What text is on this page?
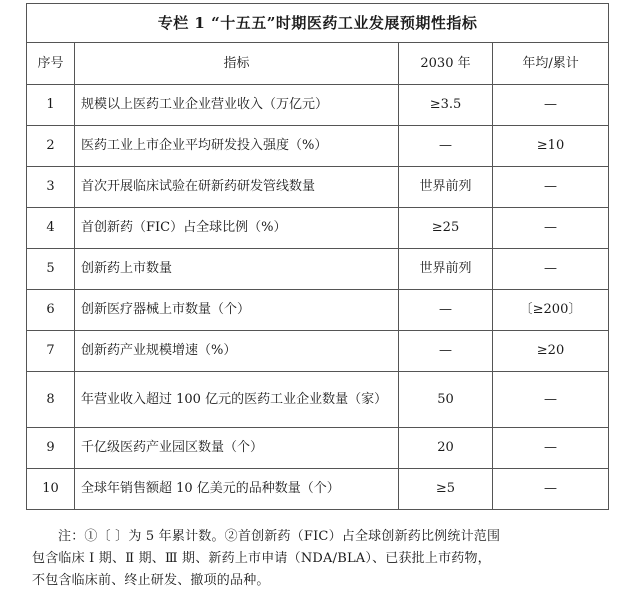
专栏 1 “十五五”时期医药工业发展预期性指标			
序号	指标	2030 年	年均/累计
1	规模以上医药工业企业营业收入（万亿元）	≥3.5	—
2	医药工业上市企业平均研发投入强度（%）	—	≥10
3	首次开展临床试验在研新药研发管线数量	世界前列	—
4	首创新药（FIC）占全球比例（%）	≥25	—
5	创新药上市数量	世界前列	—
6	创新医疗器械上市数量（个）	—	〔≥200〕
7	创新药产业规模增速（%）	—	≥20
8	年营业收入超过 100 亿元的医药工业企业数量（家）	50	—
9	千亿级医药产业园区数量（个）	20	—
10	全球年销售额超 10 亿美元的品种数量（个）	≥5	—
注：①〔 〕为 5 年累计数。②首创新药（FIC）占全球创新药比例统计范围
包含临床 Ⅰ 期、Ⅱ 期、Ⅲ 期、新药上市申请（NDA/BLA）、已获批上市药物，
不包含临床前、终止研发、撤项的品种。
